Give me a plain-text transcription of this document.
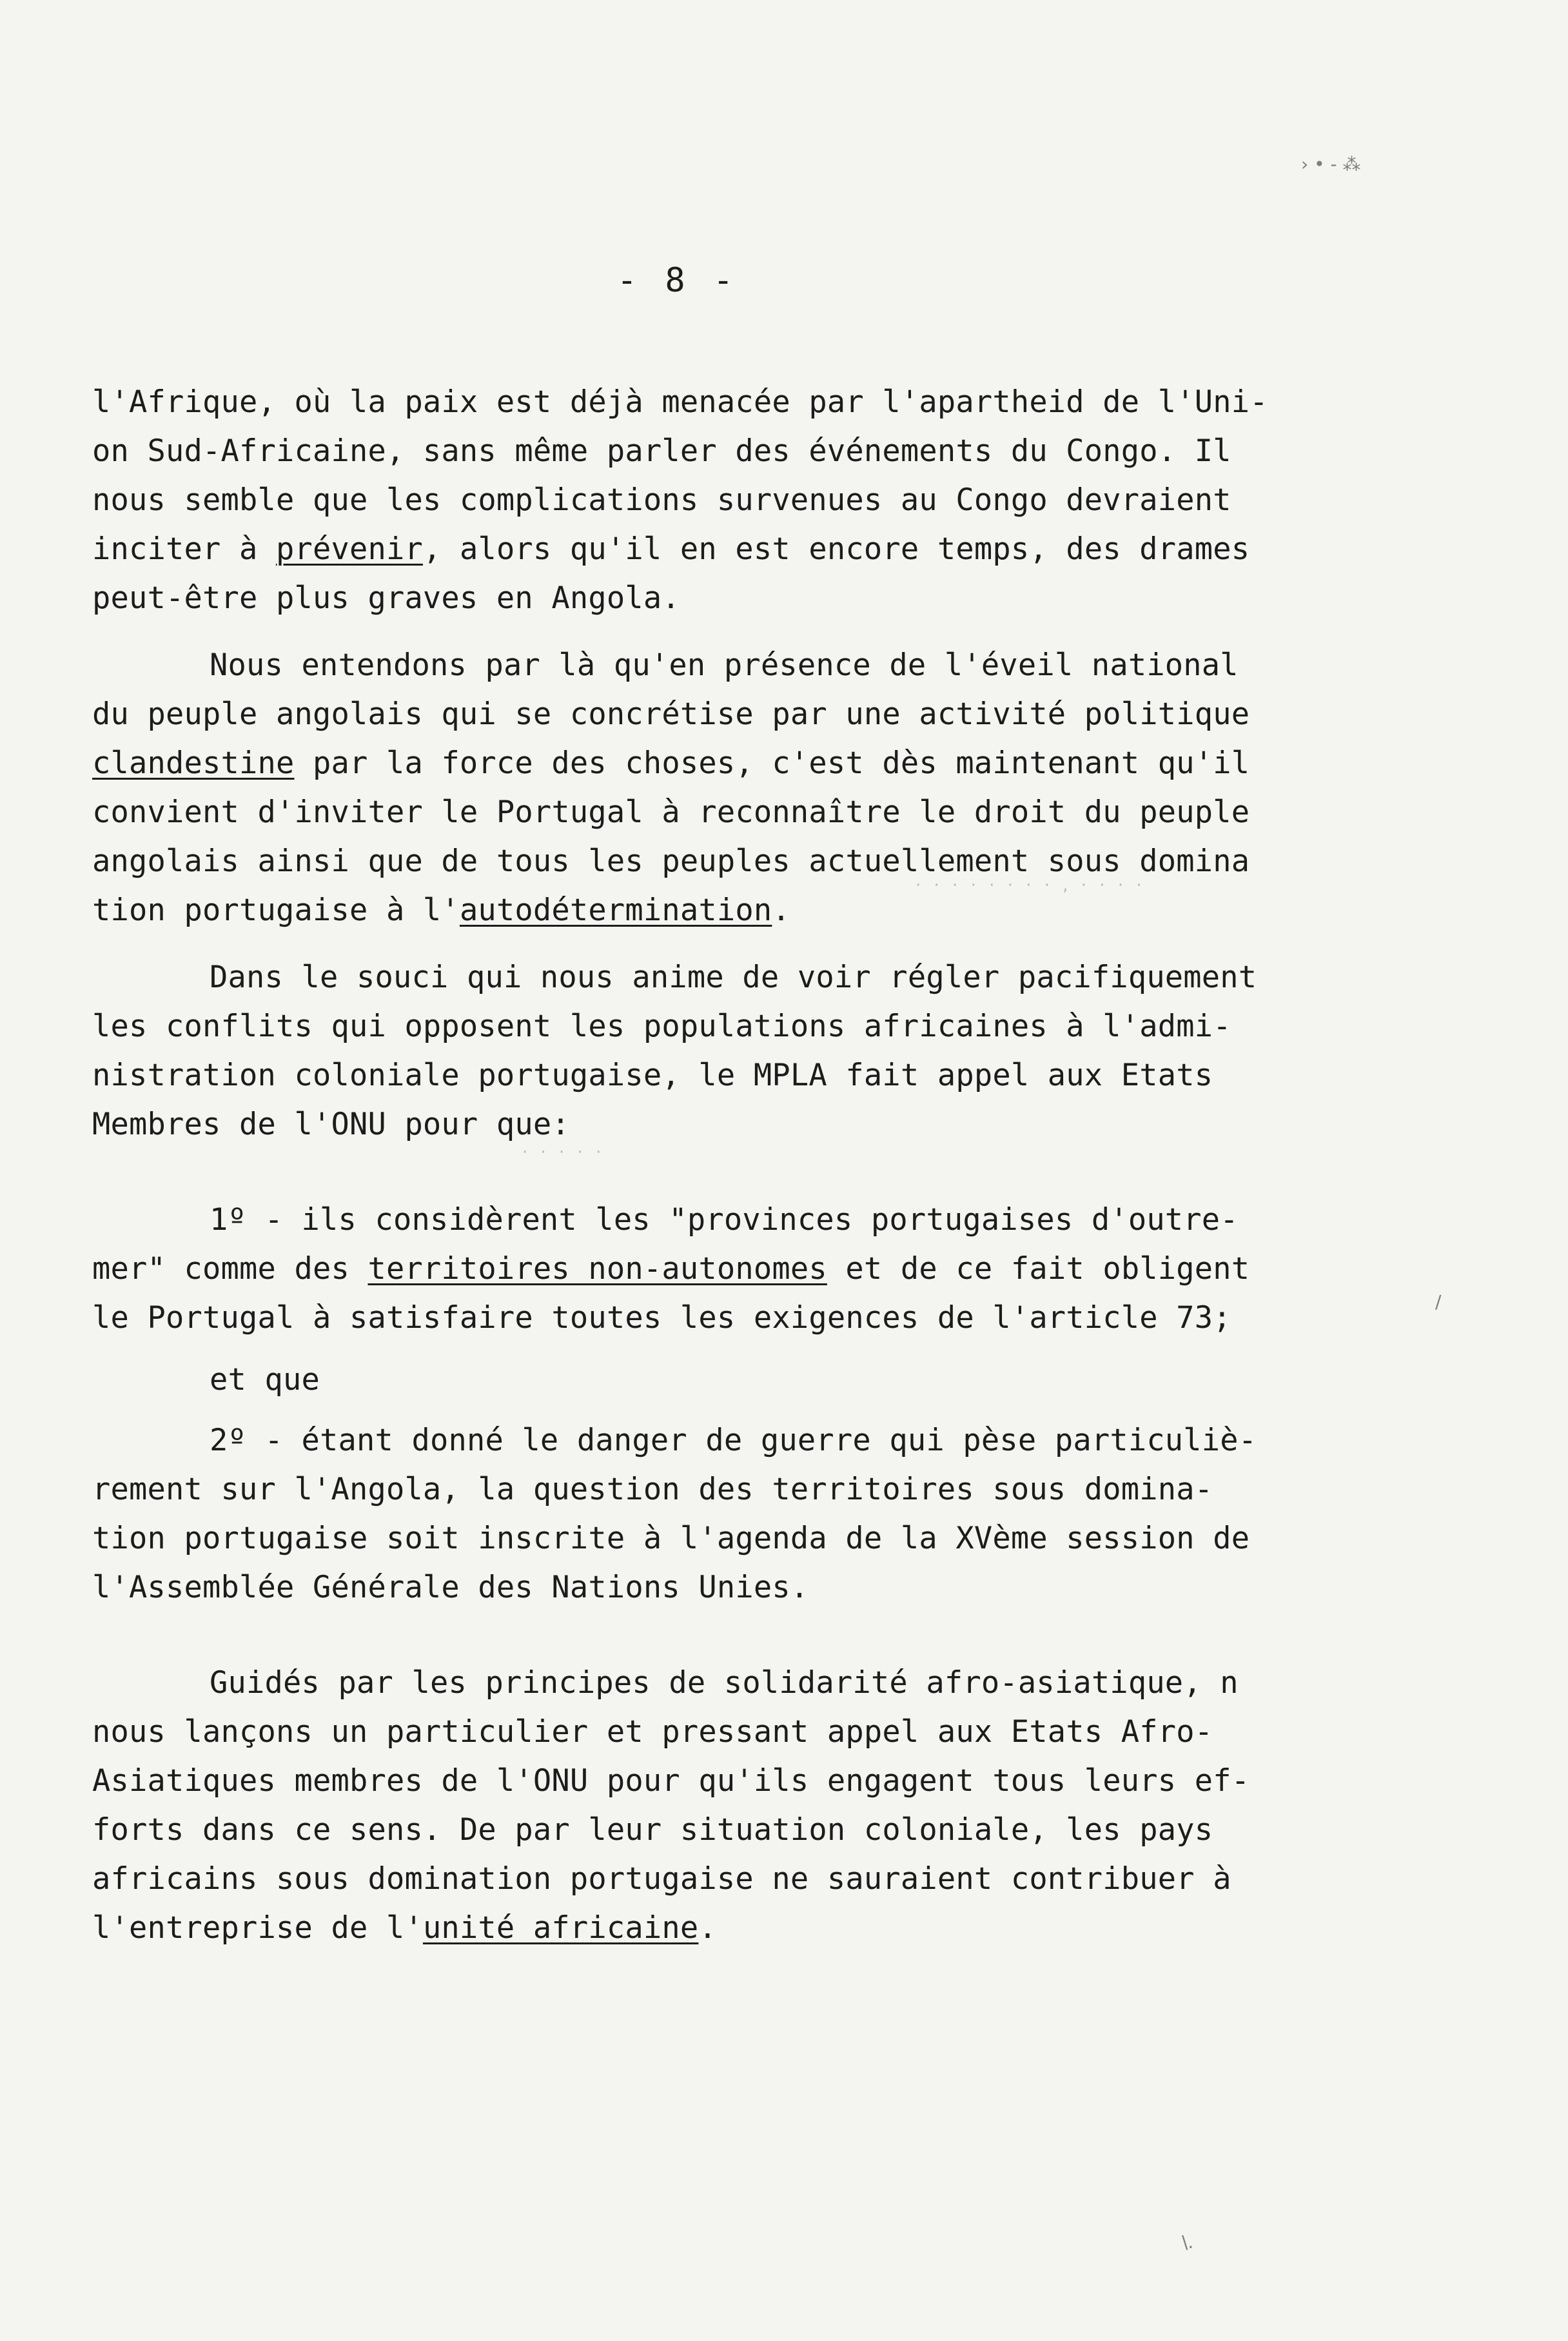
› • - ⁂
/
\.
· · · · · · · · , · · · ·
· · · · ·
- 8 -
l'Afrique, où la paix est déjà menacée par l'apartheid de l'Uni-
on Sud-Africaine, sans même parler des événements du Congo. Il
nous semble que les complications survenues au Congo devraient
inciter à prévenir, alors qu'il en est encore temps, des drames
peut-être plus graves en Angola.
Nous entendons par là qu'en présence de l'éveil national
du peuple angolais qui se concrétise par une activité politique
clandestine par la force des choses, c'est dès maintenant qu'il
convient d'inviter le Portugal à reconnaître le droit du peuple
angolais ainsi que de tous les peuples actuellement sous domina
tion portugaise à l'autodétermination.
Dans le souci qui nous anime de voir régler pacifiquement
les conflits qui opposent les populations africaines à l'admi-
nistration coloniale portugaise, le MPLA fait appel aux Etats
Membres de l'ONU pour que:
1º - ils considèrent les "provinces portugaises d'outre-
mer" comme des territoires non-autonomes et de ce fait obligent
le Portugal à satisfaire toutes les exigences de l'article 73;
et que
2º - étant donné le danger de guerre qui pèse particuliè-
rement sur l'Angola, la question des territoires sous domina-
tion portugaise soit inscrite à l'agenda de la XVème session de
l'Assemblée Générale des Nations Unies.
Guidés par les principes de solidarité afro-asiatique, n
nous lançons un particulier et pressant appel aux Etats Afro-
Asiatiques membres de l'ONU pour qu'ils engagent tous leurs ef-
forts dans ce sens. De par leur situation coloniale, les pays
africains sous domination portugaise ne sauraient contribuer à
l'entreprise de l'unité africaine.
